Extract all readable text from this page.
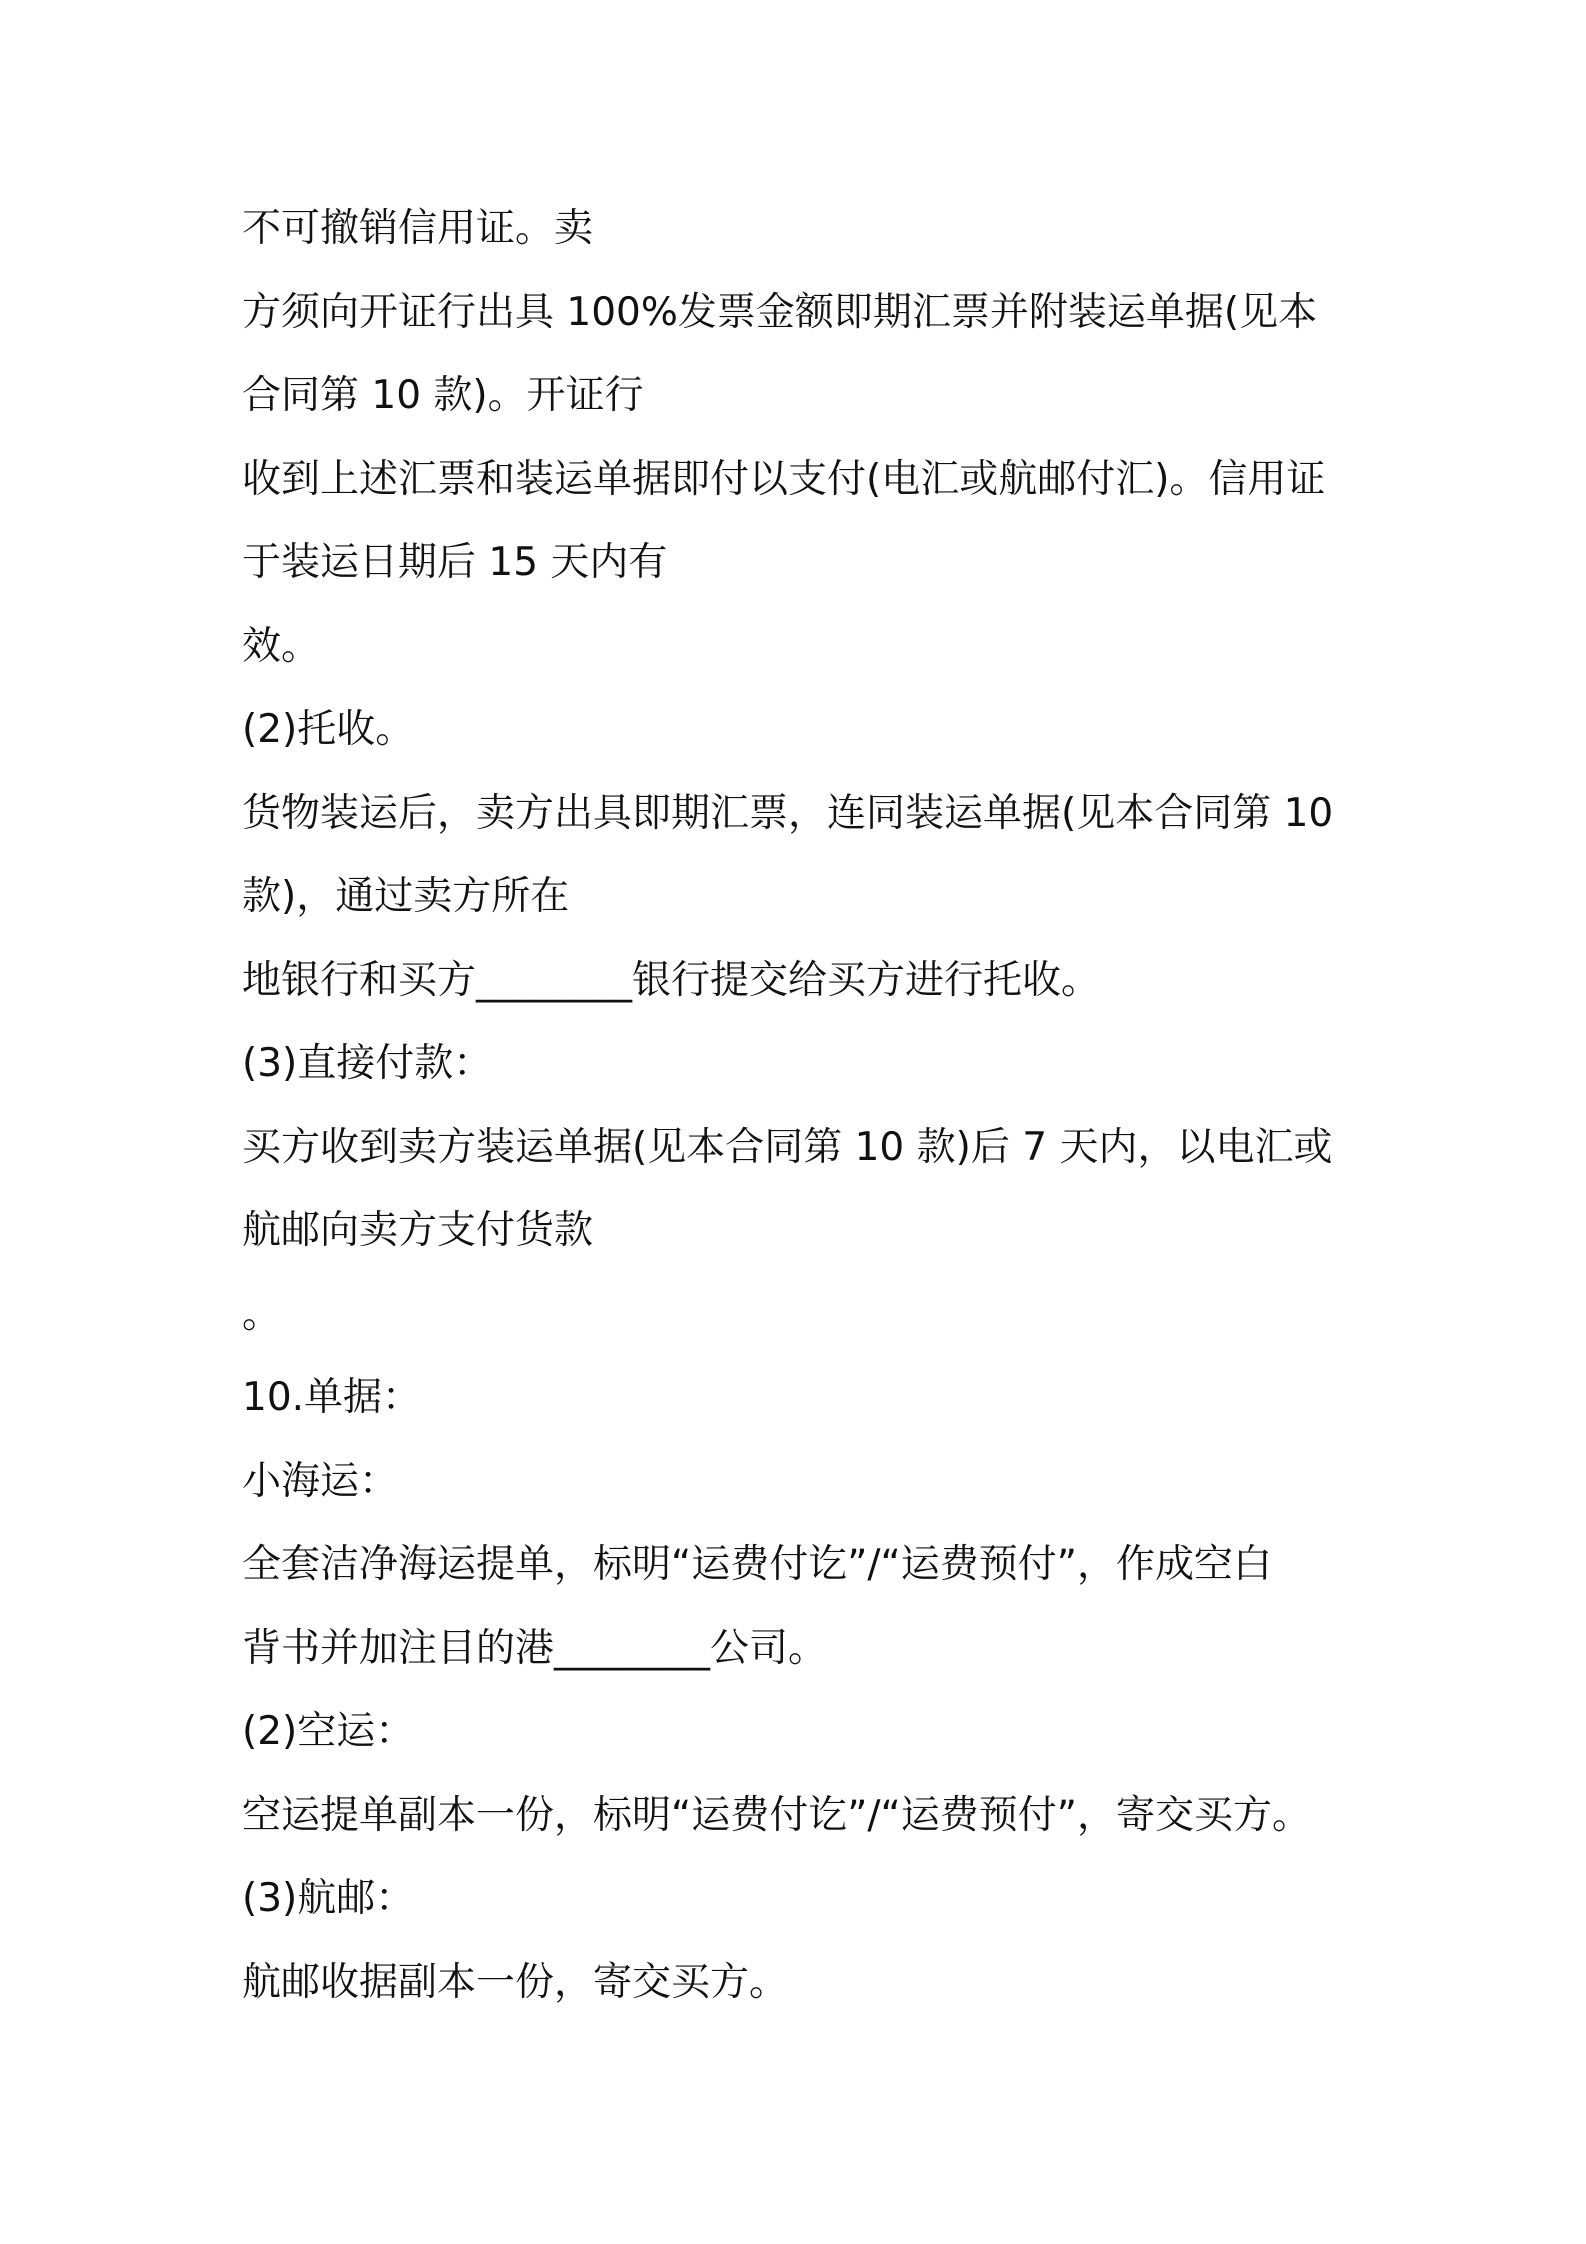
不可撤销信用证。卖
方须向开证行出具 100%发票金额即期汇票并附装运单据(见本
合同第 10 款)。开证行
收到上述汇票和装运单据即付以支付(电汇或航邮付汇)。信用证
于装运日期后 15 天内有
效。
(2)托收。
货物装运后，卖方出具即期汇票，连同装运单据(见本合同第 10
款)，通过卖方所在
地银行和买方________银行提交给买方进行托收。
(3)直接付款：
买方收到卖方装运单据(见本合同第 10 款)后 7 天内，以电汇或
航邮向卖方支付货款
。
10.单据：
小海运：
全套洁净海运提单，标明“运费付讫”/“运费预付”，作成空白
背书并加注目的港________公司。
(2)空运：
空运提单副本一份，标明“运费付讫”/“运费预付”，寄交买方。
(3)航邮：
航邮收据副本一份，寄交买方。
